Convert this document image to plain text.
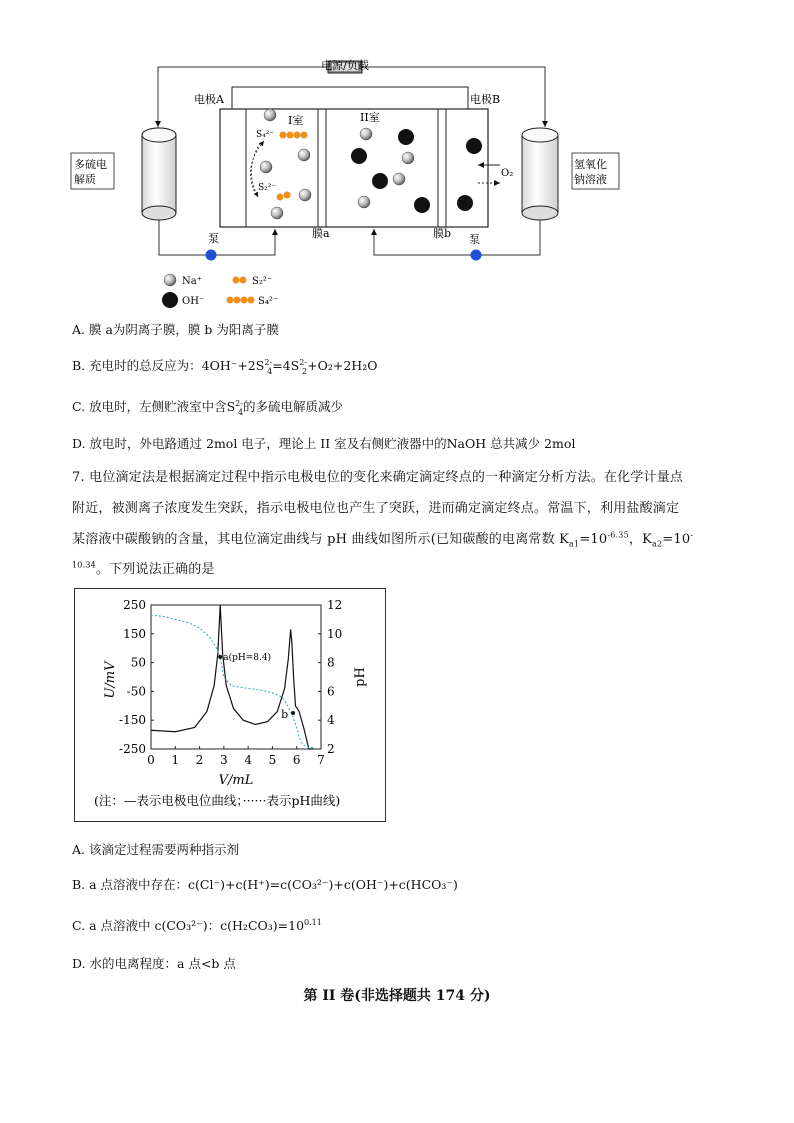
电源/负载
电极A	电极B
I室	II室
S₄²⁻
S₂²⁻
O₂
多硫电
解质
氢氧化
钠溶液
泵	泵
膜a	膜b
Na⁺	S₂²⁻
OH⁻	S₄²⁻
A. 膜 a为阴离子膜，膜 b 为阳离子膜
B. 充电时的总反应为：$4OH^-+2S^{2-}_4=4S^{2-}_2+O_2+2H_2O$
C. 放电时，左侧贮液室中含$S^{2-}_4$的多硫电解质减少
D. 放电时，外电路通过 2mol 电子，理论上 II 室及右侧贮液器中的NaOH 总共减少 2mol
7. 电位滴定法是根据滴定过程中指示电极电位的变化来确定滴定终点的一种滴定分析方法。在化学计量点
附近，被测离子浓度发生突跃，指示电极电位也产生了突跃，进而确定滴定终点。常温下，利用盐酸滴定
某溶液中碳酸钠的含量，其电位滴定曲线与 pH 曲线如图所示(已知碳酸的电离常数 $K_{a1}=10^{-6.35}$，$K_{a2}=10^-$
$^{10.34}$。下列说法正确的是
0 1 2 3 4 5 6 7
250
150
50
-50
-150
-250
12
10
8
6
4
2
U/mV	pH
V/mL
a(pH=8.4)
b
(注：—表示电极电位曲线；······表示pH曲线)
A. 该滴定过程需要两种指示剂
B. a 点溶液中存在：c(Cl⁻)+c(H⁺)=c(CO₃²⁻)+c(OH⁻)+c(HCO₃⁻)
C. a 点溶液中 c(CO₃²⁻)：$c(H_2CO_3)=10^{0.11}$
D. 水的电离程度：a 点<b 点
第 II 卷(非选择题共 174 分)
